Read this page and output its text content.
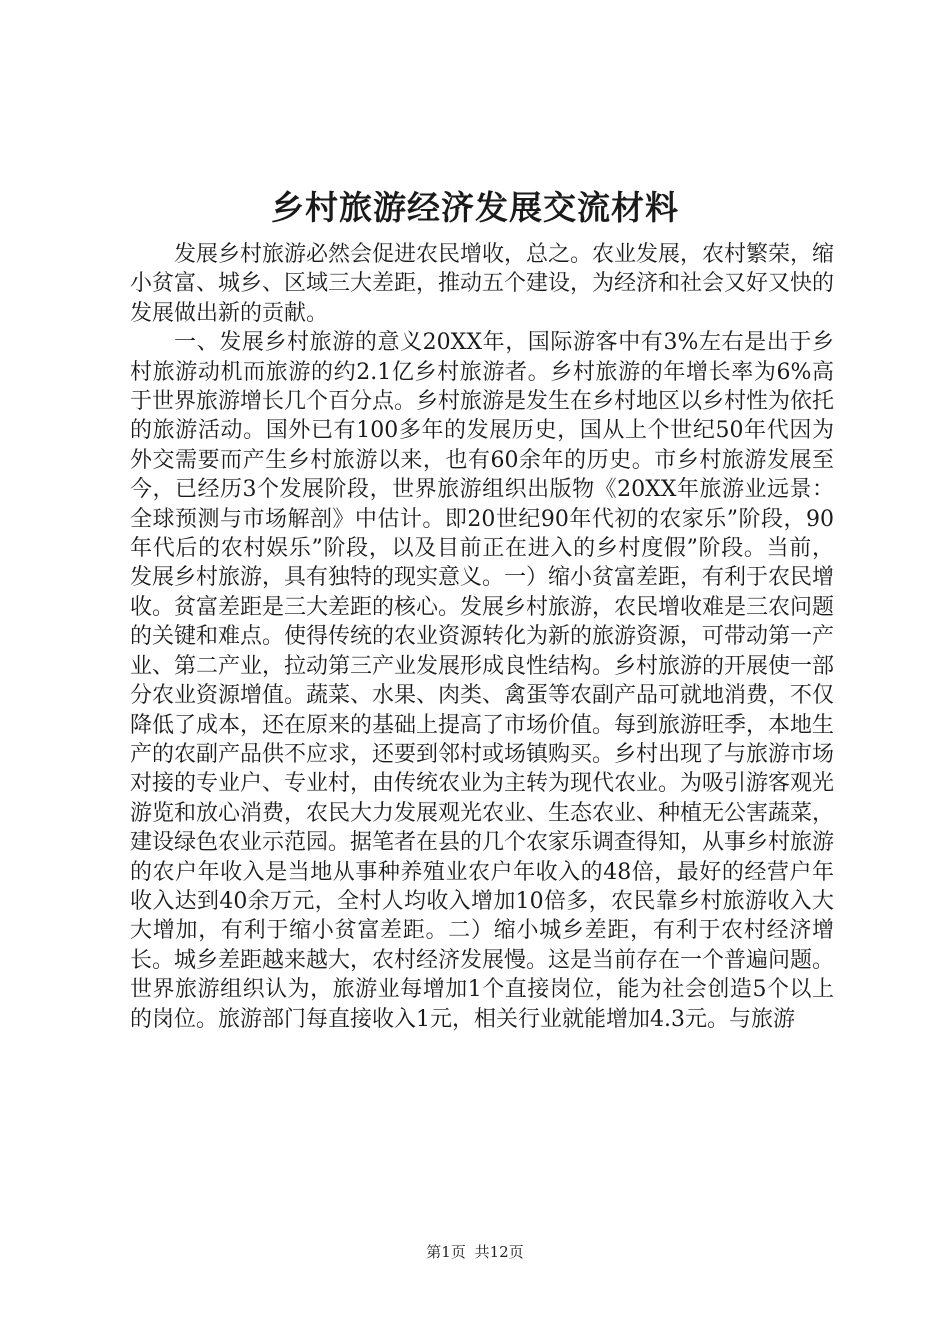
乡村旅游经济发展交流材料

发展乡村旅游必然会促进农民增收，总之。农业发展，农村繁荣，缩小贫富、城乡、区域三大差距，推动五个建设，为经济和社会又好又快的发展做出新的贡献。

一、发展乡村旅游的意义20XX年，国际游客中有3%左右是出于乡村旅游动机而旅游的约2.1亿乡村旅游者。乡村旅游的年增长率为6%高于世界旅游增长几个百分点。乡村旅游是发生在乡村地区以乡村性为依托的旅游活动。国外已有100多年的发展历史，国从上个世纪50年代因为外交需要而产生乡村旅游以来，也有60余年的历史。市乡村旅游发展至今，已经历3个发展阶段，世界旅游组织出版物《20XX年旅游业远景：全球预测与市场解剖》中估计。即20世纪90年代初的农家乐”阶段，90年代后的农村娱乐”阶段，以及目前正在进入的乡村度假”阶段。当前，发展乡村旅游，具有独特的现实意义。一）缩小贫富差距，有利于农民增收。贫富差距是三大差距的核心。发展乡村旅游，农民增收难是三农问题的关键和难点。使得传统的农业资源转化为新的旅游资源，可带动第一产业、第二产业，拉动第三产业发展形成良性结构。乡村旅游的开展使一部分农业资源增值。蔬菜、水果、肉类、禽蛋等农副产品可就地消费，不仅降低了成本，还在原来的基础上提高了市场价值。每到旅游旺季，本地生产的农副产品供不应求，还要到邻村或场镇购买。乡村出现了与旅游市场对接的专业户、专业村，由传统农业为主转为现代农业。为吸引游客观光游览和放心消费，农民大力发展观光农业、生态农业、种植无公害蔬菜，建设绿色农业示范园。据笔者在县的几个农家乐调查得知，从事乡村旅游的农户年收入是当地从事种养殖业农户年收入的48倍，最好的经营户年收入达到40余万元，全村人均收入增加10倍多，农民靠乡村旅游收入大大增加，有利于缩小贫富差距。二）缩小城乡差距，有利于农村经济增长。城乡差距越来越大，农村经济发展慢。这是当前存在一个普遍问题。世界旅游组织认为，旅游业每增加1个直接岗位，能为社会创造5个以上的岗位。旅游部门每直接收入1元，相关行业就能增加4.3元。与旅游

第1页 共12页
